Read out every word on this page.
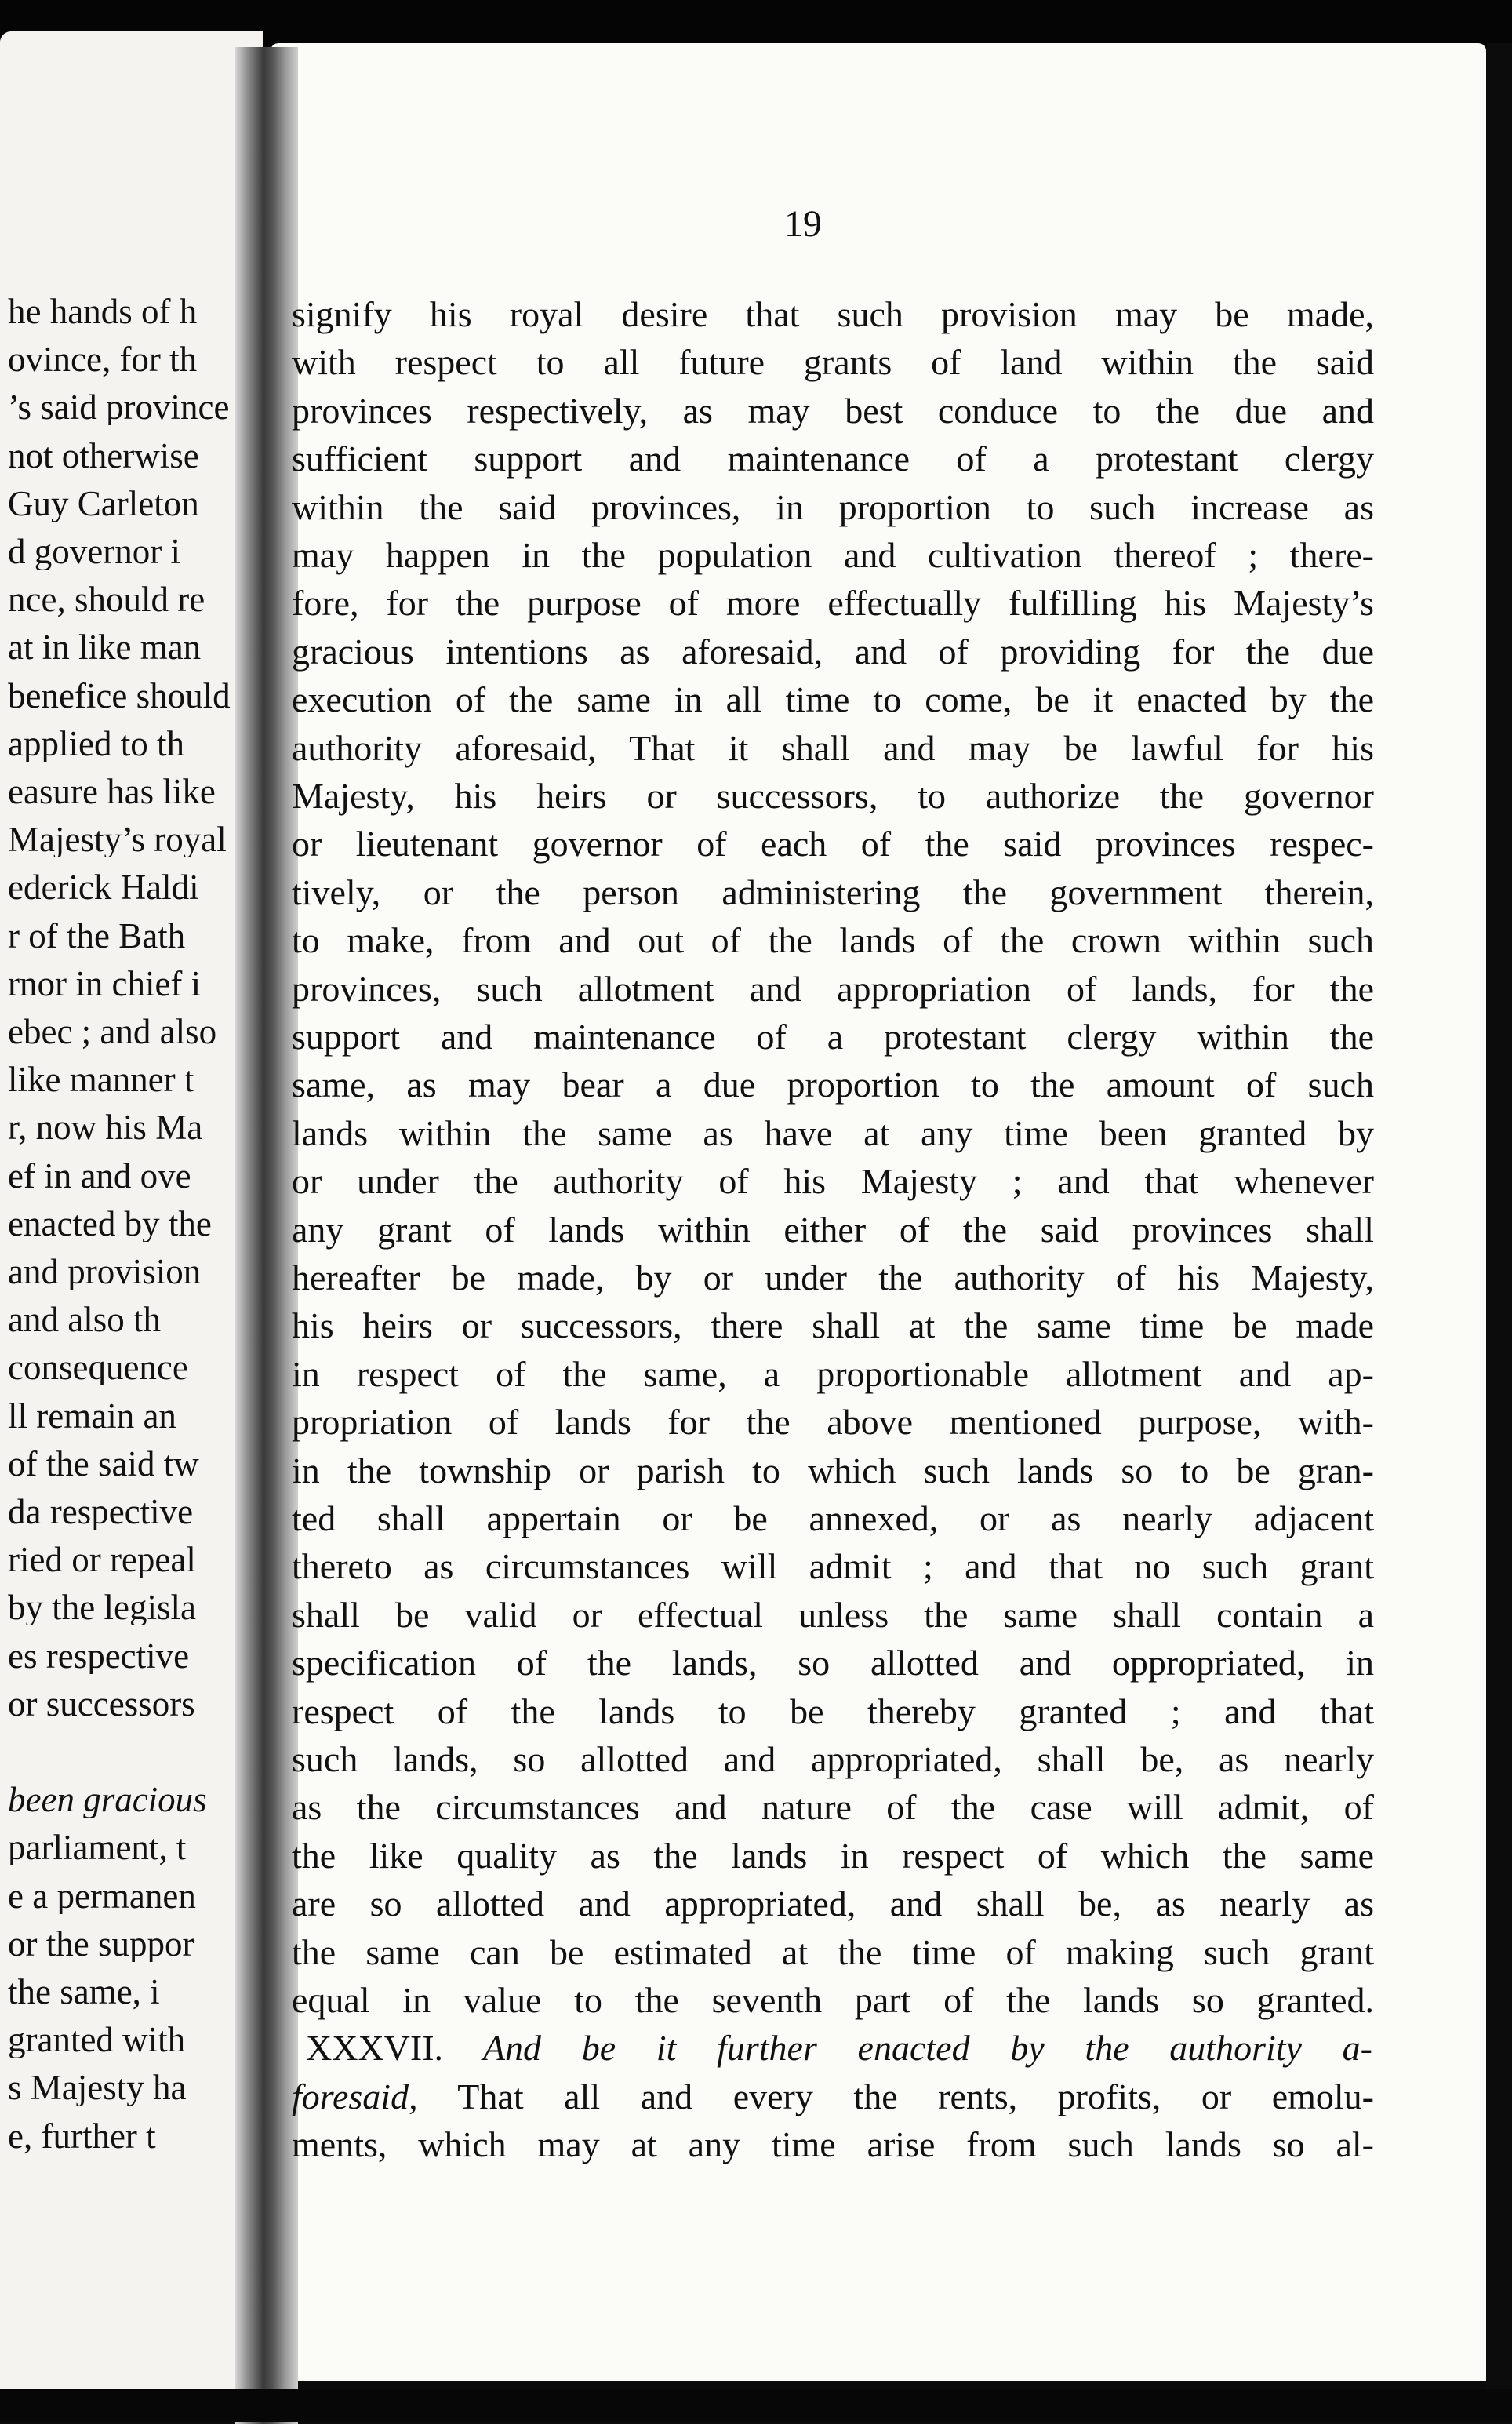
19
he hands of h
ovince, for th
’s said province
not otherwise
Guy Carleton
d governor i
nce, should re
at in like man
benefice should
applied to th
easure has like
Majesty’s royal
ederick Haldi
r of the Bath
rnor in chief i
ebec ; and also
like manner t
r, now his Ma
ef in and ove
enacted by the
and provision
and also th
consequence
ll remain an
of the said tw
da respective
ried or repeal
by the legisla
es respective
or successors
been gracious
parliament, t
e a permanen
or the suppor
the same, i
granted with
s Majesty ha
e, further t
signify his royal desire that such provision may be made,
with respect to all future grants of land within the said
provinces respectively, as may best conduce to the due and
sufficient support and maintenance of a protestant clergy
within the said provinces, in proportion to such increase as
may happen in the population and cultivation thereof ; there-
fore, for the purpose of more effectually fulfilling his Majesty’s
gracious intentions as aforesaid, and of providing for the due
execution of the same in all time to come, be it enacted by the
authority aforesaid, That it shall and may be lawful for his
Majesty, his heirs or successors, to authorize the governor
or lieutenant governor of each of the said provinces respec-
tively, or the person administering the government therein,
to make, from and out of the lands of the crown within such
provinces, such allotment and appropriation of lands, for the
support and maintenance of a protestant clergy within the
same, as may bear a due proportion to the amount of such
lands within the same as have at any time been granted by
or under the authority of his Majesty ; and that whenever
any grant of lands within either of the said provinces shall
hereafter be made, by or under the authority of his Majesty,
his heirs or successors, there shall at the same time be made
in respect of the same, a proportionable allotment and ap-
propriation of lands for the above mentioned purpose, with-
in the township or parish to which such lands so to be gran-
ted shall appertain or be annexed, or as nearly adjacent
thereto as circumstances will admit ; and that no such grant
shall be valid or effectual unless the same shall contain a
specification of the lands, so allotted and oppropriated, in
respect of the lands to be thereby granted ; and that
such lands, so allotted and appropriated, shall be, as nearly
as the circumstances and nature of the case will admit, of
the like quality as the lands in respect of which the same
are so allotted and appropriated, and shall be, as nearly as
the same can be estimated at the time of making such grant
equal in value to the seventh part of the lands so granted.
XXXVII. And be it further enacted by the authority a-
foresaid, That all and every the rents, profits, or emolu-
ments, which may at any time arise from such lands so al-
